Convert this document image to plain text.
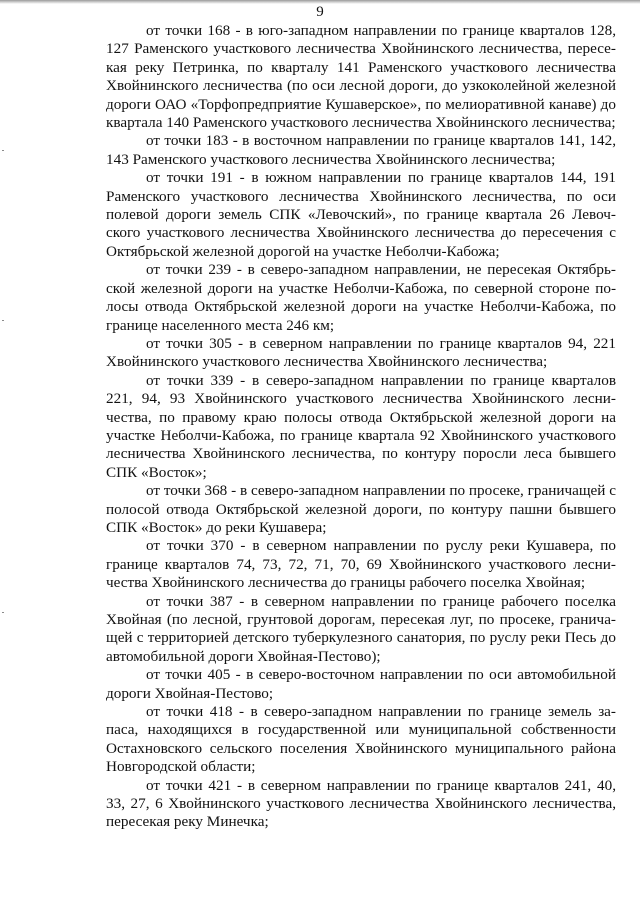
9

от точки 168 - в юго-западном направлении по границе кварталов 128, 127 Раменского участкового лесничества Хвойнинского лесничества, пересе-кая реку Петринка, по кварталу 141 Раменского участкового лесничества Хвойнинского лесничества (по оси лесной дороги, до узкоколейной железной дороги ОАО «Торфопредприятие Кушаверское», по мелиоративной канаве) до квартала 140 Раменского участкового лесничества Хвойнинского лесничества;

от точки 183 - в восточном направлении по границе кварталов 141, 142, 143 Раменского участкового лесничества Хвойнинского лесничества;

от точки 191 - в южном направлении по границе кварталов 144, 191 Раменского участкового лесничества Хвойнинского лесничества, по оси полевой дороги земель СПК «Левочский», по границе квартала 26 Левоч-ского участкового лесничества Хвойнинского лесничества до пересечения с Октябрьской железной дорогой на участке Неболчи-Кабожа;

от точки 239 - в северо-западном направлении, не пересекая Октябрь-ской железной дороги на участке Неболчи-Кабожа, по северной стороне по-лосы отвода Октябрьской железной дороги на участке Неболчи-Кабожа, по границе населенного места 246 км;

от точки 305 - в северном направлении по границе кварталов 94, 221 Хвойнинского участкового лесничества Хвойнинского лесничества;

от точки 339 - в северо-западном направлении по границе кварталов 221, 94, 93 Хвойнинского участкового лесничества Хвойнинского лесни-чества, по правому краю полосы отвода Октябрьской железной дороги на участке Неболчи-Кабожа, по границе квартала 92 Хвойнинского участкового лесничества Хвойнинского лесничества, по контуру поросли леса бывшего СПК «Восток»;

от точки 368 - в северо-западном направлении по просеке, граничащей с полосой отвода Октябрьской железной дороги, по контуру пашни бывшего СПК «Восток» до реки Кушавера;

от точки 370 - в северном направлении по руслу реки Кушавера, по границе кварталов 74, 73, 72, 71, 70, 69 Хвойнинского участкового лесни-чества Хвойнинского лесничества до границы рабочего поселка Хвойная;

от точки 387 - в северном направлении по границе рабочего поселка Хвойная (по лесной, грунтовой дорогам, пересекая луг, по просеке, гранича-щей с территорией детского туберкулезного санатория, по руслу реки Песь до автомобильной дороги Хвойная-Пестово);

от точки 405 - в северо-восточном направлении по оси автомобильной дороги Хвойная-Пестово;

от точки 418 - в северо-западном направлении по границе земель за-паса, находящихся в государственной или муниципальной собственности Остахновского сельского поселения Хвойнинского муниципального района Новгородской области;

от точки 421 - в северном направлении по границе кварталов 241, 40, 33, 27, 6 Хвойнинского участкового лесничества Хвойнинского лесничества, пересекая реку Минечка;
